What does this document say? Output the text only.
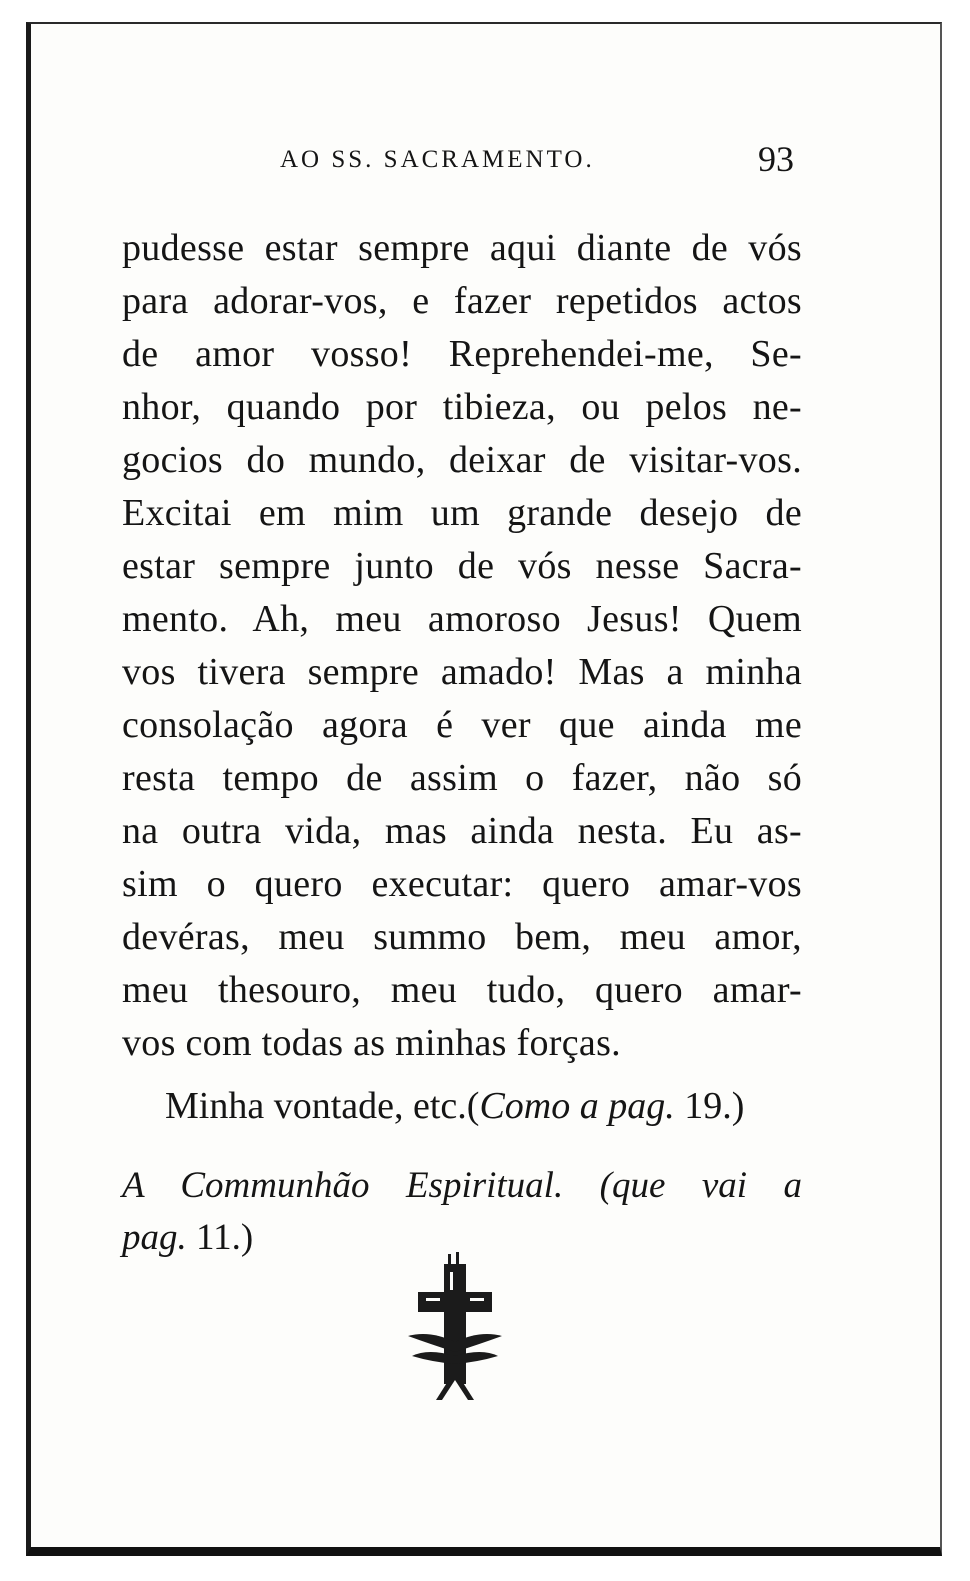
AO SS. SACRAMENTO.	93
pudesse estar sempre aqui diante de vós
para adorar-vos, e fazer repetidos actos
de amor vosso! Reprehendei-me, Se-
nhor, quando por tibieza, ou pelos ne-
gocios do mundo, deixar de visitar-vos.
Excitai em mim um grande desejo de
estar sempre junto de vós nesse Sacra-
mento. Ah, meu amoroso Jesus! Quem
vos tivera sempre amado! Mas a minha
consolação agora é ver que ainda me
resta tempo de assim o fazer, não só
na outra vida, mas ainda nesta. Eu as-
sim o quero executar: quero amar-vos
devéras, meu summo bem, meu amor,
meu thesouro, meu tudo, quero amar-
vos com todas as minhas forças.
Minha vontade, etc.(Como a pag. 19.)
A Communhão Espiritual. (que vai a
pag. 11.)
